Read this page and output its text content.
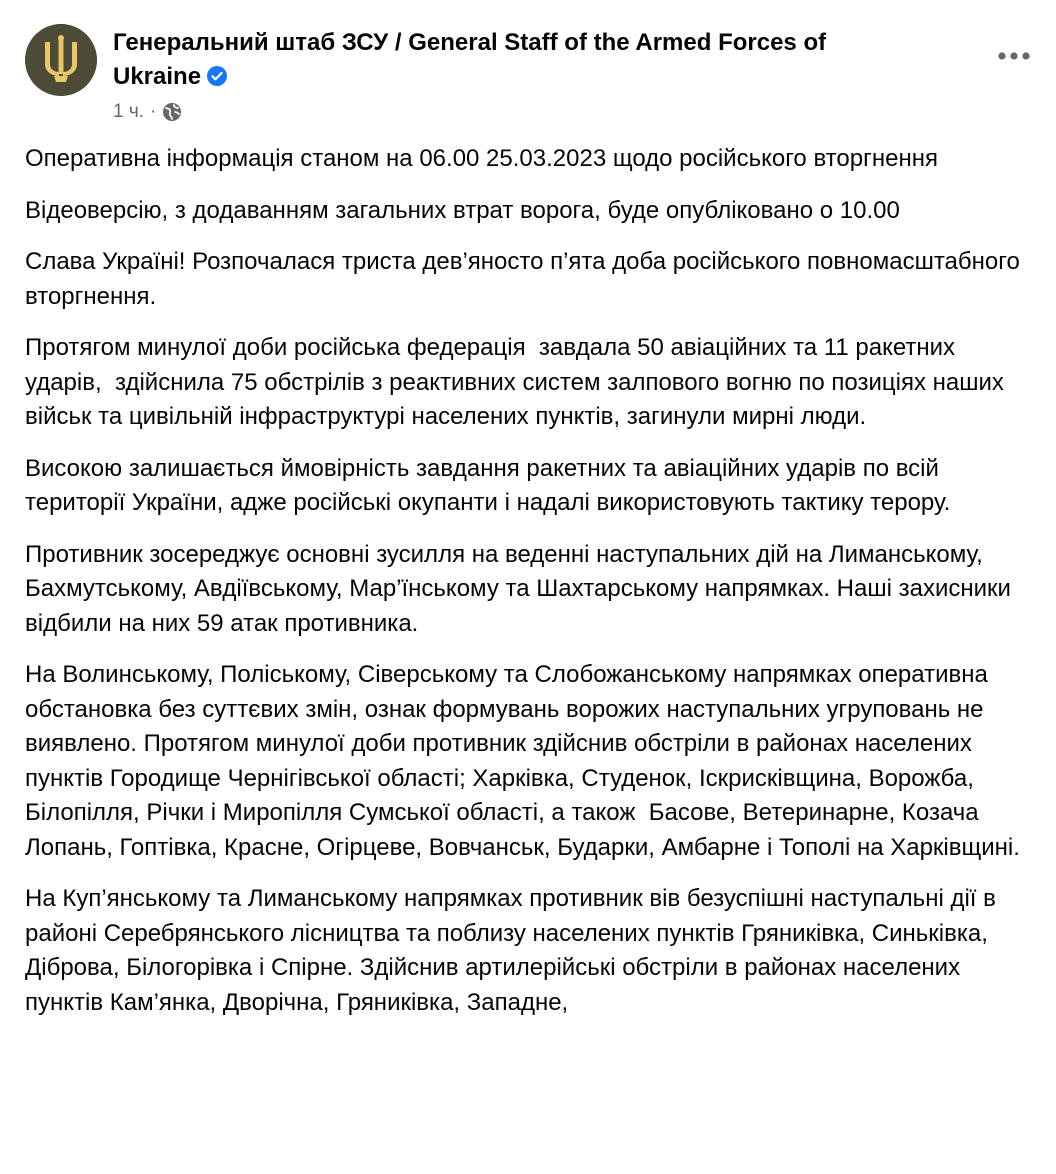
Генеральний штаб ЗСУ / General Staff of the Armed Forces of Ukraine
1 ч. ·

Оперативна інформація станом на 06.00 25.03.2023 щодо російського вторгнення

Відеоверсію, з додаванням загальних втрат ворога, буде опубліковано о 10.00

Слава Україні! Розпочалася триста дев’яносто п’ята доба російського повномасштабного вторгнення.

Протягом минулої доби російська федерація  завдала 50 авіаційних та 11 ракетних ударів,  здійснила 75 обстрілів з реактивних систем залпового вогню по позиціях наших військ та цивільній інфраструктурі населених пунктів, загинули мирні люди.

Високою залишається ймовірність завдання ракетних та авіаційних ударів по всій території України, адже російські окупанти і надалі використовують тактику терору.

Противник зосереджує основні зусилля на веденні наступальних дій на Лиманському, Бахмутському, Авдіївському, Мар’їнському та Шахтарському напрямках. Наші захисники відбили на них 59 атак противника.

На Волинському, Поліському, Сіверському та Слобожанському напрямках оперативна обстановка без суттєвих змін, ознак формувань ворожих наступальних угруповань не виявлено. Протягом минулої доби противник здійснив обстріли в районах населених пунктів Городище Чернігівської області; Харківка, Студенок, Іскрисківщина, Ворожба, Білопілля, Річки і Миропілля Сумської області, а також  Басове, Ветеринарне, Козача Лопань, Гоптівка, Красне, Огірцеве, Вовчанськ, Бударки, Амбарне і Тополі на Харківщині.

На Куп’янському та Лиманському напрямках противник вів безуспішні наступальні дії в районі Серебрянського лісництва та поблизу населених пунктів Гряниківка, Синьківка, Діброва, Білогорівка і Спірне. Здійснив артилерійські обстріли в районах населених пунктів Кам’янка, Дворічна, Гряниківка, Западне,
